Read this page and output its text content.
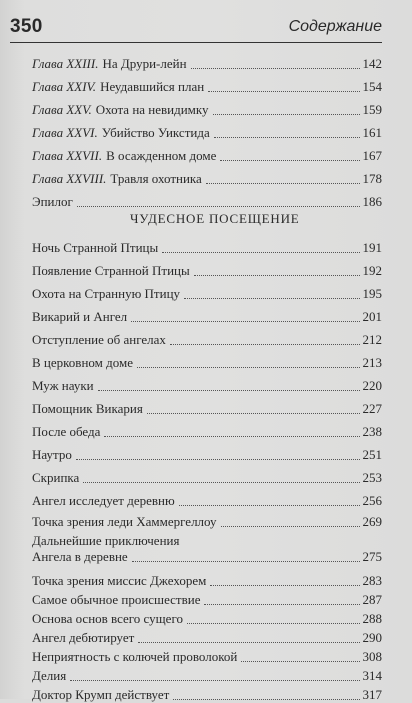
350	Содержание
Глава XXIII. На Друри-лейн	142
Глава XXIV. Неудавшийся план	154
Глава XXV. Охота на невидимку	159
Глава XXVI. Убийство Уикстида	161
Глава XXVII. В осажденном доме	167
Глава XXVIII. Травля охотника	178
Эпилог	186
ЧУДЕСНОЕ ПОСЕЩЕНИЕ
Ночь Странной Птицы	191
Появление Странной Птицы	192
Охота на Странную Птицу	195
Викарий и Ангел	201
Отступление об ангелах	212
В церковном доме	213
Муж науки	220
Помощник Викария	227
После обеда	238
Наутро	251
Скрипка	253
Ангел исследует деревню	256
Точка зрения леди Хаммергеллоу	269
Дальнейшие приключения
Ангела в деревне	275
Точка зрения миссис Джехорем	283
Самое обычное происшествие	287
Основа основ всего сущего	288
Ангел дебютирует	290
Неприятность с колючей проволокой	308
Делия	314
Доктор Крумп действует	317
